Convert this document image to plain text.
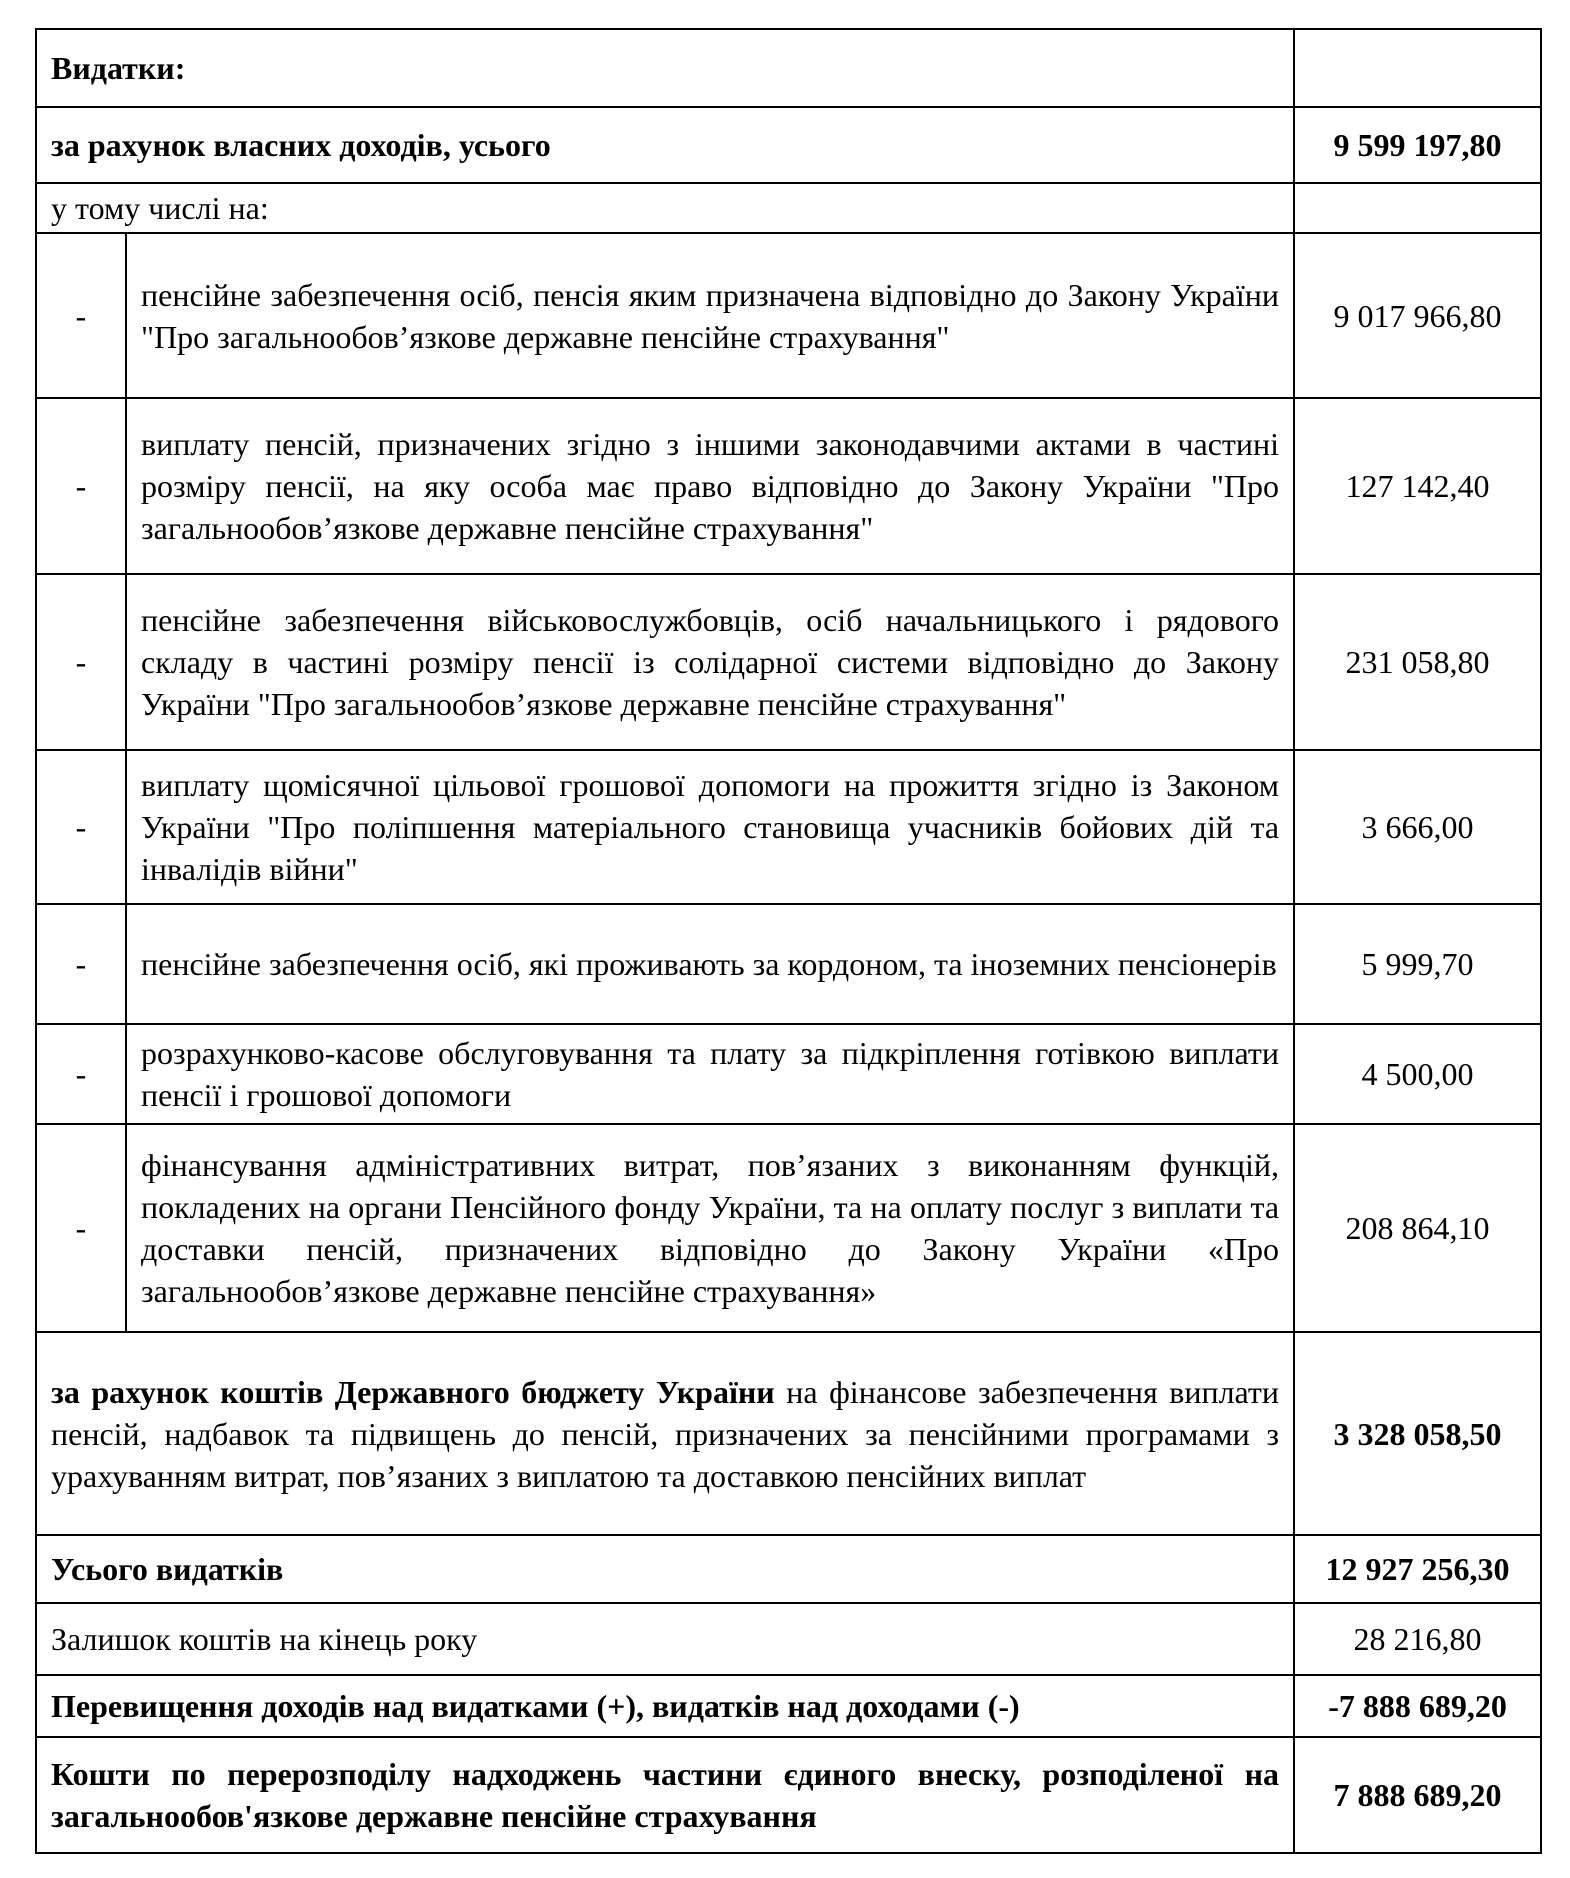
Видатки:		
за рахунок власних доходів, усього		9 599 197,80
у тому числі на:		
-	пенсійне забезпечення осіб, пенсія яким призначена відповідно до Закону України "Про загальнообов’язкове державне пенсійне страхування"	9 017 966,80
-	виплату пенсій, призначених згідно з іншими законодавчими актами в частині розміру пенсії, на яку особа має право відповідно до Закону України "Про загальнообов’язкове державне пенсійне страхування"	127 142,40
-	пенсійне забезпечення військовослужбовців, осіб начальницького і рядового складу в частині розміру пенсії із солідарної системи відповідно до Закону України "Про загальнообов’язкове державне пенсійне страхування"	231 058,80
-	виплату щомісячної цільової грошової допомоги на прожиття згідно із Законом України "Про поліпшення матеріального становища учасників бойових дій та інвалідів війни"	3 666,00
-	пенсійне забезпечення осіб, які проживають за кордоном, та іноземних пенсіонерів	5 999,70
-	розрахунково-касове обслуговування та плату за підкріплення готівкою виплати пенсії і грошової допомоги	4 500,00
-	фінансування адміністративних витрат, пов’язаних з виконанням функцій, покладених на органи Пенсійного фонду України, та на оплату послуг з виплати та доставки пенсій, призначених відповідно до Закону України «Про загальнообов’язкове державне пенсійне страхування»	208 864,10
за рахунок коштів Державного бюджету України на фінансове забезпечення виплати пенсій, надбавок та підвищень до пенсій, призначених за пенсійними програмами з урахуванням витрат, пов’язаних з виплатою та доставкою пенсійних виплат		3 328 058,50
Усього видатків		12 927 256,30
Залишок коштів на кінець року		28 216,80
Перевищення доходів над видатками (+), видатків над доходами (-)		-7 888 689,20
Кошти по перерозподілу надходжень частини єдиного внеску, розподіленої на загальнообов'язкове державне пенсійне страхування		7 888 689,20
